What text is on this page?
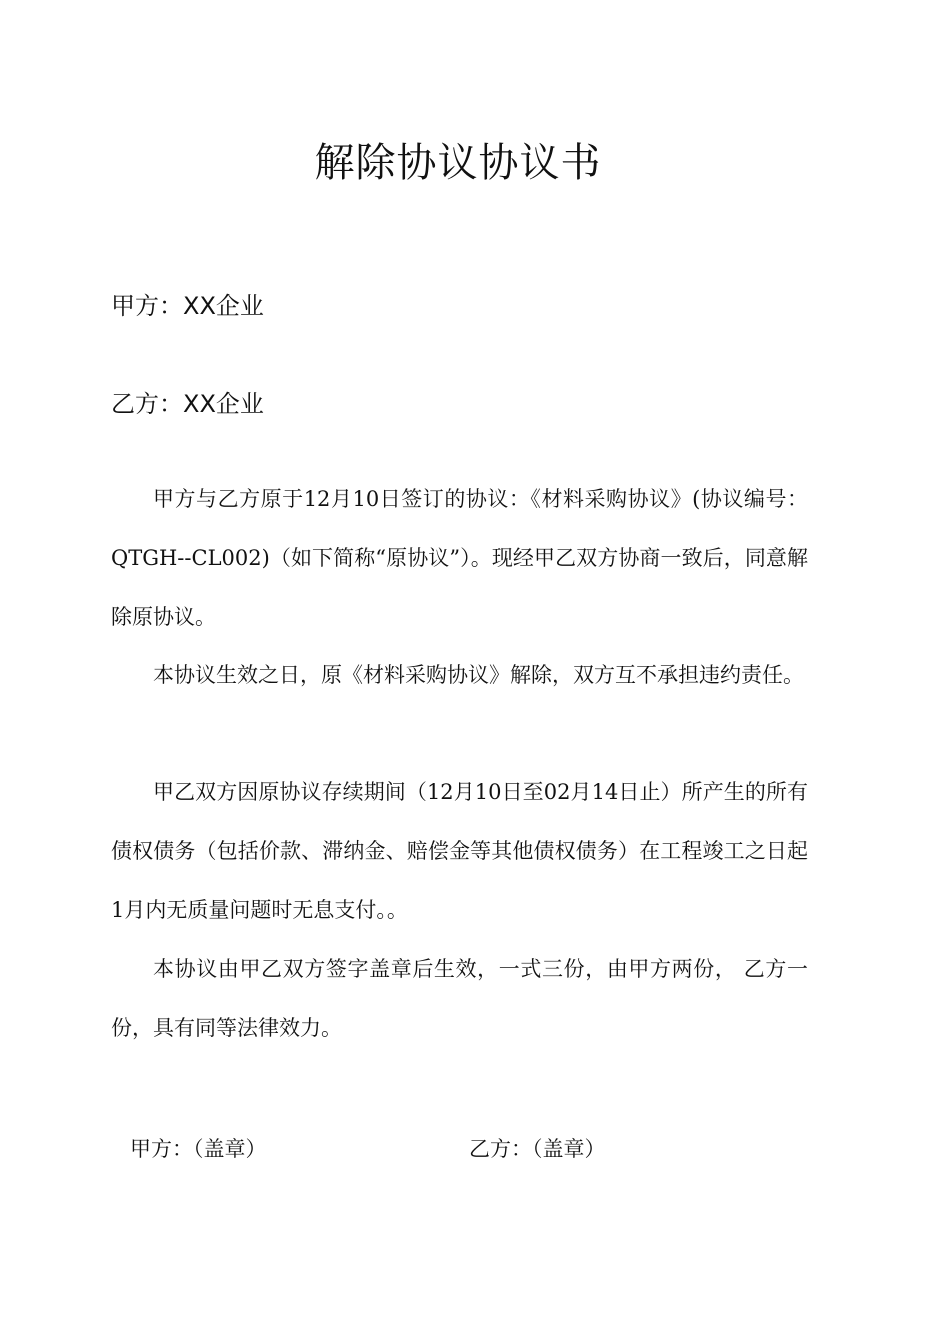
解除协议协议书
甲方：XX企业
乙方：XX企业

甲方与乙方原于12月10日签订的协议：《材料采购协议》(协议编号：QTGH--CL002)（如下简称“原协议”）。现经甲乙双方协商一致后，同意解除原协议。

本协议生效之日，原《材料采购协议》解除，双方互不承担违约责任。

甲乙双方因原协议存续期间（12月10日至02月14日止）所产生的所有债权债务（包括价款、滞纳金、赔偿金等其他债权债务）在工程竣工之日起1月内无质量问题时无息支付。。

本协议由甲乙双方签字盖章后生效，一式三份，由甲方两份， 乙方一份，具有同等法律效力。

甲方：（盖章）	乙方：（盖章）
